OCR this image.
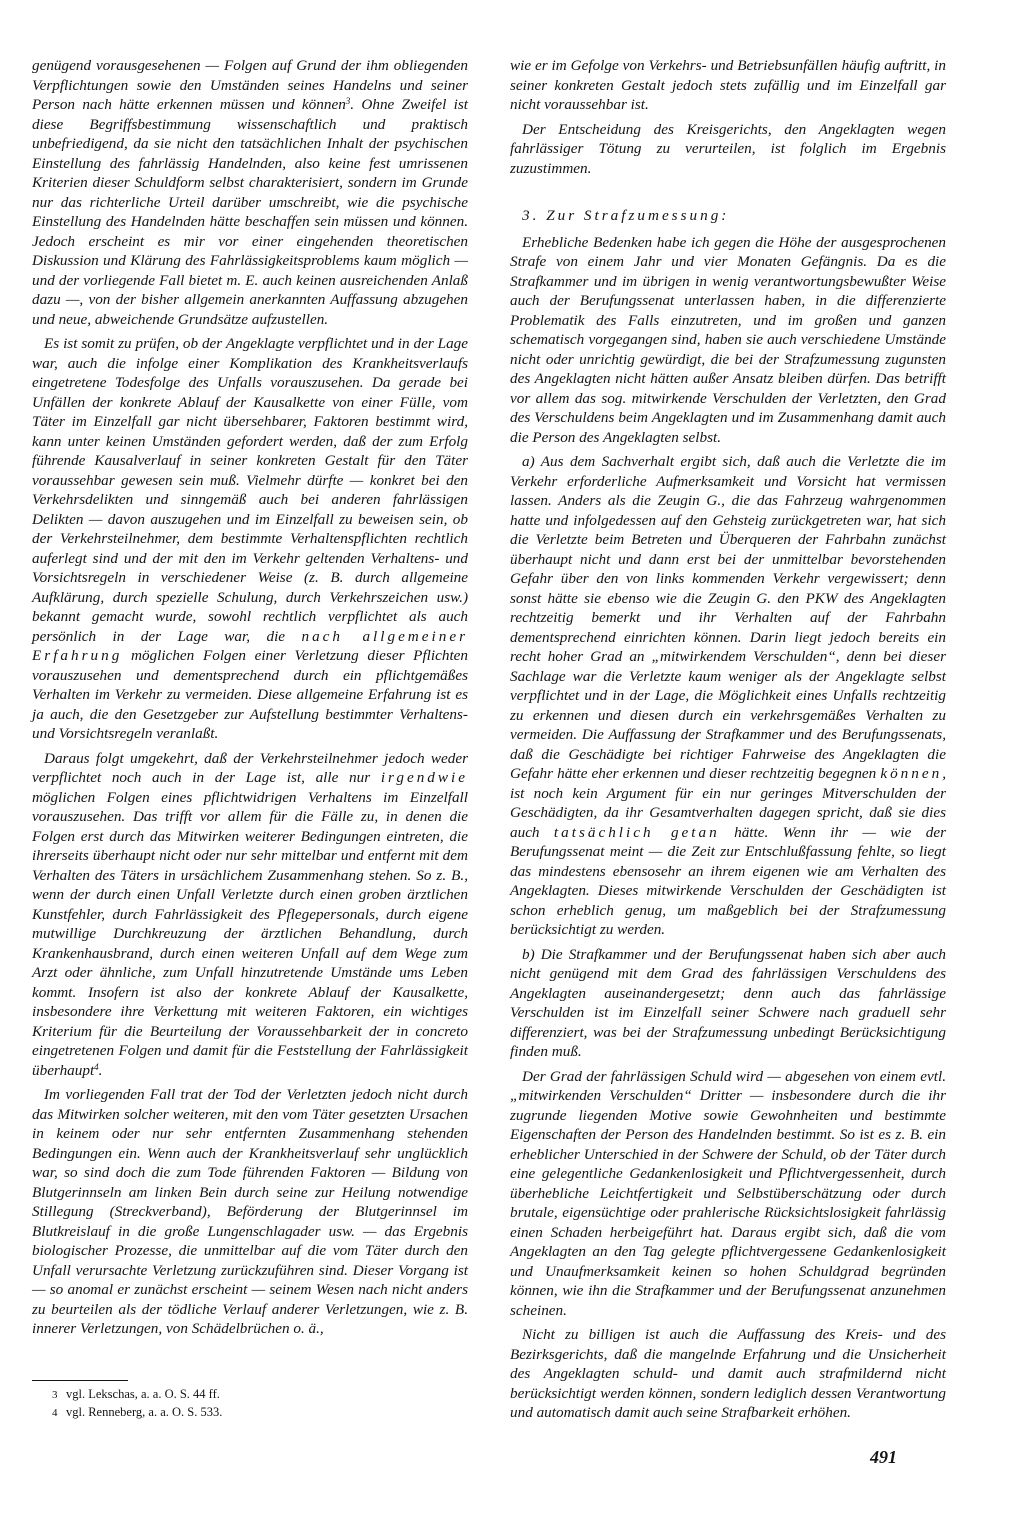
genügend vorausgesehenen — Folgen auf Grund der ihm obliegenden Verpflichtungen sowie den Umständen seines Handelns und seiner Person nach hätte erkennen müssen und können$^3$. Ohne Zweifel ist diese Begriffsbestimmung wissenschaftlich und praktisch unbefriedigend, da sie nicht den tatsächlichen Inhalt der psychischen Einstellung des fahrlässig Handelnden, also keine fest umrissenen Kriterien dieser Schuldform selbst charakterisiert, sondern im Grunde nur das richterliche Urteil darüber umschreibt, wie die psychische Einstellung des Handelnden hätte beschaffen sein müssen und können. Jedoch erscheint es mir vor einer eingehenden theoretischen Diskussion und Klärung des Fahrlässigkeitsproblems kaum möglich — und der vorliegende Fall bietet m. E. auch keinen ausreichenden Anlaß dazu —, von der bisher allgemein anerkannten Auffassung abzugehen und neue, abweichende Grundsätze aufzustellen.

Es ist somit zu prüfen, ob der Angeklagte verpflichtet und in der Lage war, auch die infolge einer Komplikation des Krankheitsverlaufs eingetretene Todesfolge des Unfalls vorauszusehen. Da gerade bei Unfällen der konkrete Ablauf der Kausalkette von einer Fülle, vom Täter im Einzelfall gar nicht übersehbarer, Faktoren bestimmt wird, kann unter keinen Umständen gefordert werden, daß der zum Erfolg führende Kausalverlauf in seiner konkreten Gestalt für den Täter voraussehbar gewesen sein muß. Vielmehr dürfte — konkret bei den Verkehrsdelikten und sinngemäß auch bei anderen fahrlässigen Delikten — davon auszugehen und im Einzelfall zu beweisen sein, ob der Verkehrsteilnehmer, dem bestimmte Verhaltenspflichten rechtlich auferlegt sind und der mit den im Verkehr geltenden Verhaltens- und Vorsichtsregeln in verschiedener Weise (z. B. durch allgemeine Aufklärung, durch spezielle Schulung, durch Verkehrszeichen usw.) bekannt gemacht wurde, sowohl rechtlich verpflichtet als auch persönlich in der Lage war, die nach allgemeiner Erfahrung möglichen Folgen einer Verletzung dieser Pflichten vorauszusehen und dementsprechend durch ein pflichtgemäßes Verhalten im Verkehr zu vermeiden. Diese allgemeine Erfahrung ist es ja auch, die den Gesetzgeber zur Aufstellung bestimmter Verhaltens- und Vorsichtsregeln veranlaßt.

Daraus folgt umgekehrt, daß der Verkehrsteilnehmer jedoch weder verpflichtet noch auch in der Lage ist, alle nur irgendwie möglichen Folgen eines pflichtwidrigen Verhaltens im Einzelfall vorauszusehen. Das trifft vor allem für die Fälle zu, in denen die Folgen erst durch das Mitwirken weiterer Bedingungen eintreten, die ihrerseits überhaupt nicht oder nur sehr mittelbar und entfernt mit dem Verhalten des Täters in ursächlichem Zusammenhang stehen. So z. B., wenn der durch einen Unfall Verletzte durch einen groben ärztlichen Kunstfehler, durch Fahrlässigkeit des Pflegepersonals, durch eigene mutwillige Durchkreuzung der ärztlichen Behandlung, durch Krankenhausbrand, durch einen weiteren Unfall auf dem Wege zum Arzt oder ähnliche, zum Unfall hinzutretende Umstände ums Leben kommt. Insofern ist also der konkrete Ablauf der Kausalkette, insbesondere ihre Verkettung mit weiteren Faktoren, ein wichtiges Kriterium für die Beurteilung der Voraussehbarkeit der in concreto eingetretenen Folgen und damit für die Feststellung der Fahrlässigkeit überhaupt$^4$.

Im vorliegenden Fall trat der Tod der Verletzten jedoch nicht durch das Mitwirken solcher weiteren, mit den vom Täter gesetzten Ursachen in keinem oder nur sehr entfernten Zusammenhang stehenden Bedingungen ein. Wenn auch der Krankheitsverlauf sehr unglücklich war, so sind doch die zum Tode führenden Faktoren — Bildung von Blutgerinnseln am linken Bein durch seine zur Heilung notwendige Stillegung (Streckverband), Beförderung der Blutgerinnsel im Blutkreislauf in die große Lungenschlagader usw. — das Ergebnis biologischer Prozesse, die unmittelbar auf die vom Täter durch den Unfall verursachte Verletzung zurückzuführen sind. Dieser Vorgang ist — so anomal er zunächst erscheint — seinem Wesen nach nicht anders zu beurteilen als der tödliche Verlauf anderer Verletzungen, wie z. B. innerer Verletzungen, von Schädelbrüchen o. ä.,

wie er im Gefolge von Verkehrs- und Betriebsunfällen häufig auftritt, in seiner konkreten Gestalt jedoch stets zufällig und im Einzelfall gar nicht voraussehbar ist.

Der Entscheidung des Kreisgerichts, den Angeklagten wegen fahrlässiger Tötung zu verurteilen, ist folglich im Ergebnis zuzustimmen.

3. Zur Strafzumessung:

Erhebliche Bedenken habe ich gegen die Höhe der ausgesprochenen Strafe von einem Jahr und vier Monaten Gefängnis. Da es die Strafkammer und im übrigen in wenig verantwortungsbewußter Weise auch der Berufungssenat unterlassen haben, in die differenzierte Problematik des Falls einzutreten, und im großen und ganzen schematisch vorgegangen sind, haben sie auch verschiedene Umstände nicht oder unrichtig gewürdigt, die bei der Strafzumessung zugunsten des Angeklagten nicht hätten außer Ansatz bleiben dürfen. Das betrifft vor allem das sog. mitwirkende Verschulden der Verletzten, den Grad des Verschuldens beim Angeklagten und im Zusammenhang damit auch die Person des Angeklagten selbst.

a) Aus dem Sachverhalt ergibt sich, daß auch die Verletzte die im Verkehr erforderliche Aufmerksamkeit und Vorsicht hat vermissen lassen. Anders als die Zeugin G., die das Fahrzeug wahrgenommen hatte und infolgedessen auf den Gehsteig zurückgetreten war, hat sich die Verletzte beim Betreten und Überqueren der Fahrbahn zunächst überhaupt nicht und dann erst bei der unmittelbar bevorstehenden Gefahr über den von links kommenden Verkehr vergewissert; denn sonst hätte sie ebenso wie die Zeugin G. den PKW des Angeklagten rechtzeitig bemerkt und ihr Verhalten auf der Fahrbahn dementsprechend einrichten können. Darin liegt jedoch bereits ein recht hoher Grad an „mitwirkendem Verschulden“, denn bei dieser Sachlage war die Verletzte kaum weniger als der Angeklagte selbst verpflichtet und in der Lage, die Möglichkeit eines Unfalls rechtzeitig zu erkennen und diesen durch ein verkehrsgemäßes Verhalten zu vermeiden. Die Auffassung der Strafkammer und des Berufungssenats, daß die Geschädigte bei richtiger Fahrweise des Angeklagten die Gefahr hätte eher erkennen und dieser rechtzeitig begegnen können, ist noch kein Argument für ein nur geringes Mitverschulden der Geschädigten, da ihr Gesamtverhalten dagegen spricht, daß sie dies auch tatsächlich getan hätte. Wenn ihr — wie der Berufungssenat meint — die Zeit zur Entschlußfassung fehlte, so liegt das mindestens ebensosehr an ihrem eigenen wie am Verhalten des Angeklagten. Dieses mitwirkende Verschulden der Geschädigten ist schon erheblich genug, um maßgeblich bei der Strafzumessung berücksichtigt zu werden.

b) Die Strafkammer und der Berufungssenat haben sich aber auch nicht genügend mit dem Grad des fahrlässigen Verschuldens des Angeklagten auseinandergesetzt; denn auch das fahrlässige Verschulden ist im Einzelfall seiner Schwere nach graduell sehr differenziert, was bei der Strafzumessung unbedingt Berücksichtigung finden muß.

Der Grad der fahrlässigen Schuld wird — abgesehen von einem evtl. „mitwirkenden Verschulden“ Dritter — insbesondere durch die ihr zugrunde liegenden Motive sowie Gewohnheiten und bestimmte Eigenschaften der Person des Handelnden bestimmt. So ist es z. B. ein erheblicher Unterschied in der Schwere der Schuld, ob der Täter durch eine gelegentliche Gedankenlosigkeit und Pflichtvergessenheit, durch überhebliche Leichtfertigkeit und Selbstüberschätzung oder durch brutale, eigensüchtige oder prahlerische Rücksichtslosigkeit fahrlässig einen Schaden herbeigeführt hat. Daraus ergibt sich, daß die vom Angeklagten an den Tag gelegte pflichtvergessene Gedankenlosigkeit und Unaufmerksamkeit keinen so hohen Schuldgrad begründen können, wie ihn die Strafkammer und der Berufungssenat anzunehmen scheinen.

Nicht zu billigen ist auch die Auffassung des Kreis- und des Bezirksgerichts, daß die mangelnde Erfahrung und die Unsicherheit des Angeklagten schuld- und damit auch strafmildernd nicht berücksichtigt werden können, sondern lediglich dessen Verantwortung und automatisch damit auch seine Strafbarkeit erhöhen.

3 vgl. Lekschas, a. a. O. S. 44 ff.
4 vgl. Renneberg, a. a. O. S. 533.
491
